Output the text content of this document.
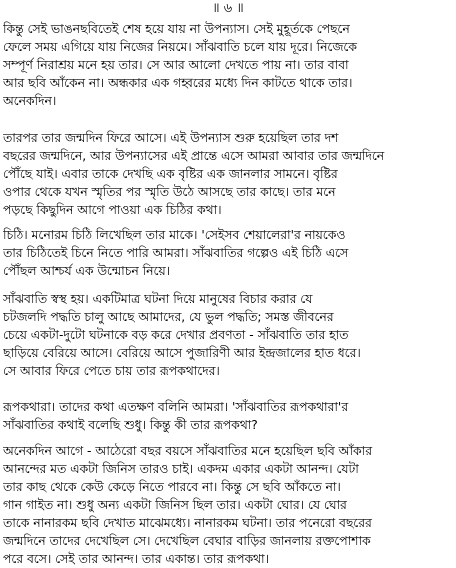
॥ ৬ ॥
কিন্তু সেই ভাঙনছবিতেই শেষ হয়ে যায় না উপন্যাস। সেই মুহূর্তকে পেছনে
ফেলে সময় এগিয়ে যায় নিজের নিয়মে। সাঁঝবাতি চলে যায় দূরে। নিজেকে
সম্পূর্ণ নিরাশ্রয় মনে হয় তার। সে আর আলো দেখতে পায় না। তার বাবা
আর ছবি আঁকেন না। অন্ধকার এক গহ্বরের মধ্যে দিন কাটতে থাকে তার।
অনেকদিন।
তারপর তার জন্মদিন ফিরে আসে। এই উপন্যাস শুরু হয়েছিল তার দশ
বছরের জন্মদিনে, আর উপন্যাসের এই প্রান্তে এসে আমরা আবার তার জন্মদিনে
পৌঁছে যাই। এবার তাকে দেখছি এক বৃষ্টির এক জানলার সামনে। বৃষ্টির
ওপার থেকে যখন স্মৃতির পর স্মৃতি উঠে আসছে তার কাছে। তার মনে
পড়ছে কিছুদিন আগে পাওয়া এক চিঠির কথা।
চিঠি। মনোরম চিঠি লিখেছিল তার মাকে। 'সেইসব শেয়ালেরা'র নায়কেও
তার চিঠিতেই চিনে নিতে পারি আমরা। সাঁঝবাতির গল্পেও এই চিঠি এসে
পৌঁছল আশ্চর্য এক উন্মোচন নিয়ে।
সাঁঝবাতি স্বস্থ হয়। একটিমাত্র ঘটনা দিয়ে মানুষের বিচার করার যে
চটজলদি পদ্ধতি চালু আছে আমাদের, যে ভুল পদ্ধতি; সমস্ত জীবনের
চেয়ে একটা-দুটো ঘটনাকে বড় করে দেখার প্রবণতা - সাঁঝবাতি তার হাত
ছাড়িয়ে বেরিয়ে আসে। বেরিয়ে আসে পুজারিণী আর ইন্দ্রজালের হাত ধরে।
সে আবার ফিরে পেতে চায় তার রূপকথাদের।
রূপকথারা। তাদের কথা এতক্ষণ বলিনি আমরা। 'সাঁঝবাতির রূপকথারা'র
সাঁঝবাতির কথাই বলেছি শুধু। কিন্তু কী তার রূপকথা?
অনেকদিন আগে - আঠেরো বছর বয়সে সাঁঝবাতির মনে হয়েছিল ছবি আঁকার
আনন্দের মত একটা জিনিস তারও চাই। একদম একার একটা আনন্দ। যেটা
তার কাছ থেকে কেউ কেড়ে নিতে পারবে না। কিন্তু সে ছবি আঁকতে না।
গান গাইত না। শুধু অন্য একটা জিনিস ছিল তার। একটা ঘোর। যে ঘোর
তাকে নানারকম ছবি দেখাত মাঝেমধ্যে। নানারকম ঘটনা। তার পনেরো বছরের
জন্মদিনে তাদের দেখেছিল সে। দেখেছিল বেঘার বাড়ির জানলায় রক্তপোশাক
পরে বসে। সেই তার আনন্দ। তার একান্ত। তার রূপকথা।
